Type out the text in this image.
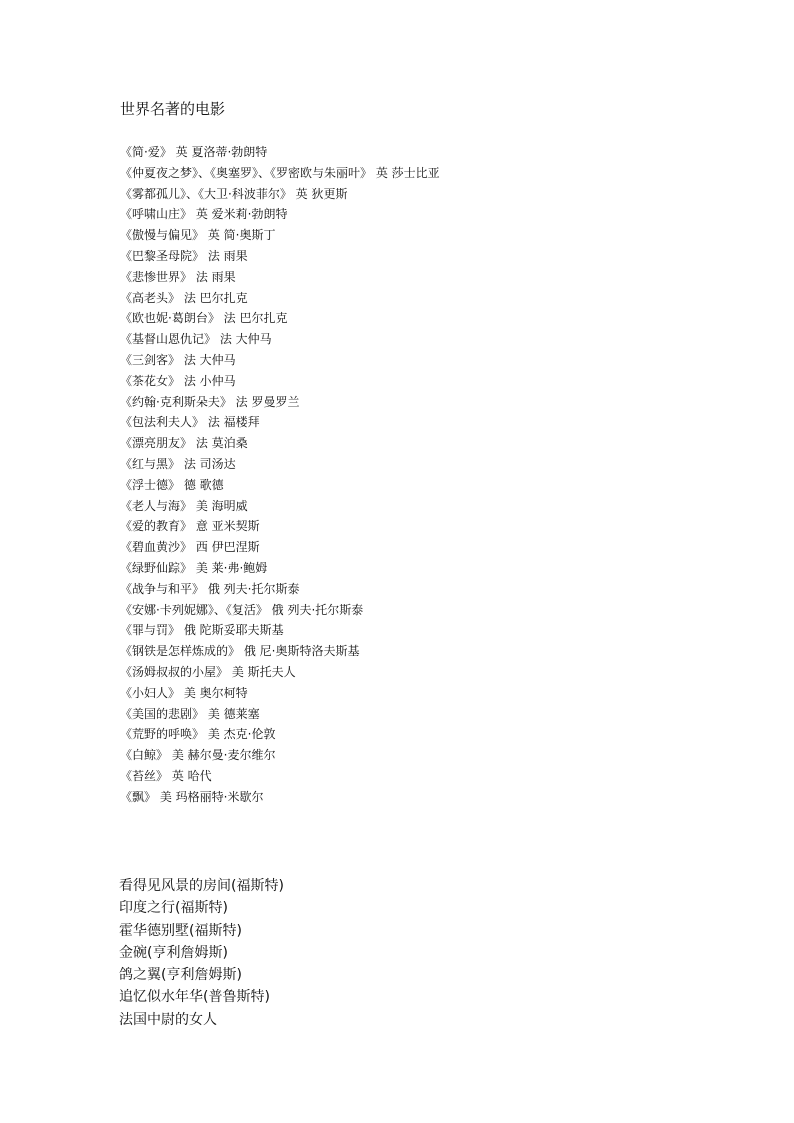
世界名著的电影
《简·爱》 英 夏洛蒂·勃朗特
《仲夏夜之梦》、《奥塞罗》、《罗密欧与朱丽叶》 英 莎士比亚
《雾都孤儿》、《大卫·科波菲尔》 英 狄更斯
《呼啸山庄》 英 爱米莉·勃朗特
《傲慢与偏见》 英 简·奥斯丁
《巴黎圣母院》 法 雨果
《悲惨世界》 法 雨果
《高老头》 法 巴尔扎克
《欧也妮·葛朗台》 法 巴尔扎克
《基督山恩仇记》 法 大仲马
《三剑客》 法 大仲马
《茶花女》 法 小仲马
《约翰·克利斯朵夫》 法 罗曼罗兰
《包法利夫人》 法 福楼拜
《漂亮朋友》 法 莫泊桑
《红与黑》 法 司汤达
《浮士德》 德 歌德
《老人与海》 美 海明威
《爱的教育》 意 亚米契斯
《碧血黄沙》 西 伊巴涅斯
《绿野仙踪》 美 莱·弗·鲍姆
《战争与和平》 俄 列夫·托尔斯泰
《安娜·卡列妮娜》、《复活》 俄 列夫·托尔斯泰
《罪与罚》 俄 陀斯妥耶夫斯基
《钢铁是怎样炼成的》 俄 尼·奥斯特洛夫斯基
《汤姆叔叔的小屋》 美 斯托夫人
《小妇人》 美 奥尔柯特
《美国的悲剧》 美 德莱塞
《荒野的呼唤》 美 杰克·伦敦
《白鲸》 美 赫尔曼·麦尔维尔
《苔丝》 英 哈代
《飘》 美 玛格丽特·米歇尔
看得见风景的房间(福斯特)
印度之行(福斯特)
霍华德别墅(福斯特)
金碗(亨利詹姆斯)
鸽之翼(亨利詹姆斯)
追忆似水年华(普鲁斯特)
法国中尉的女人
